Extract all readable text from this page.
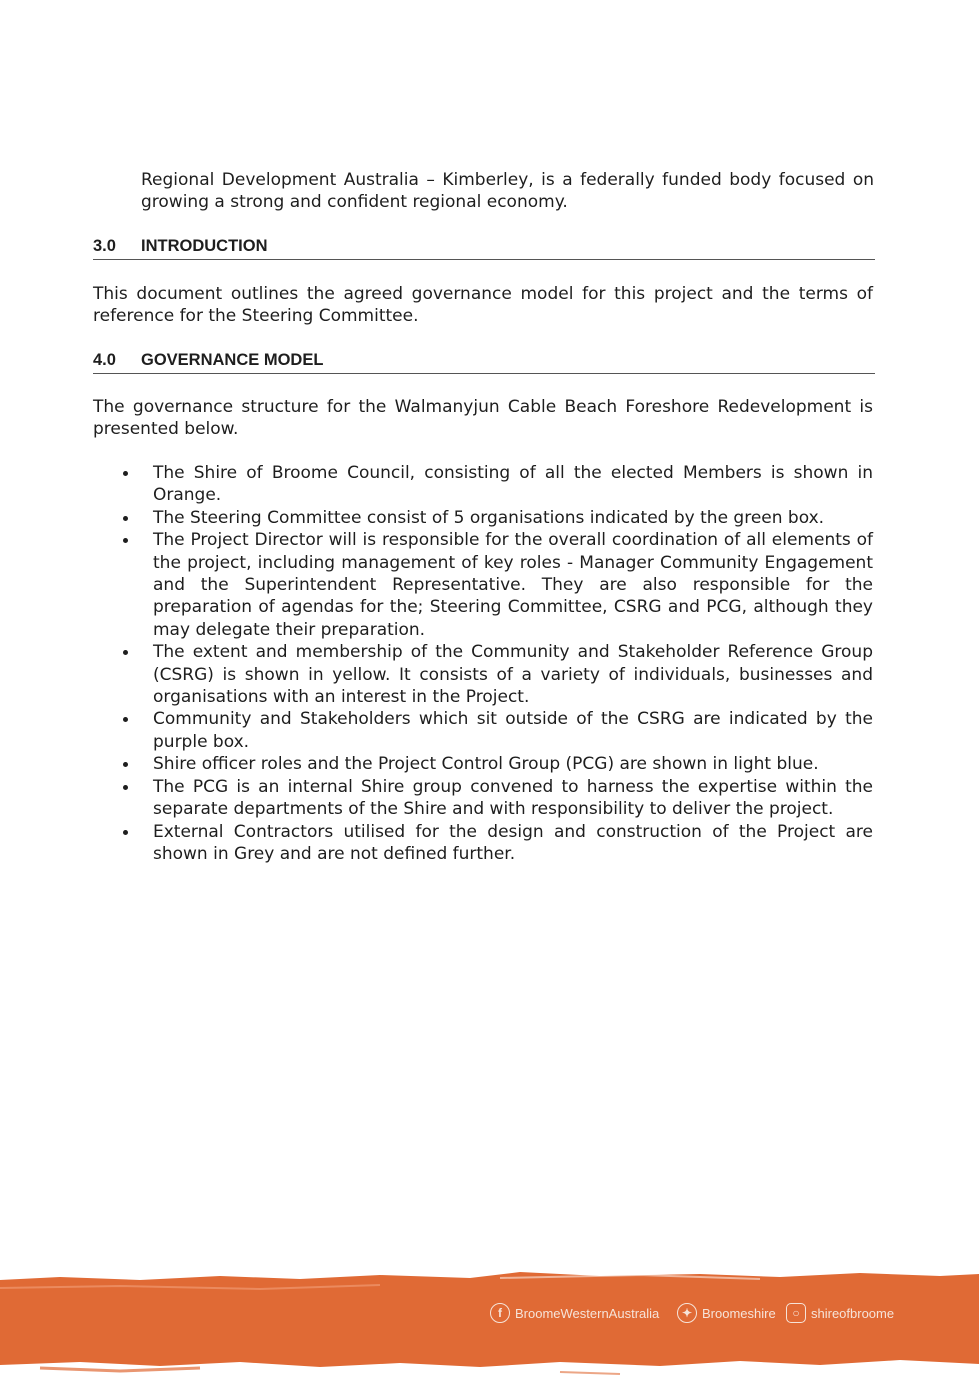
Regional Development Australia – Kimberley, is a federally funded body focused on growing a strong and confident regional economy.

3.0 INTRODUCTION

This document outlines the agreed governance model for this project and the terms of reference for the Steering Committee.

4.0 GOVERNANCE MODEL

The governance structure for the Walmanyjun Cable Beach Foreshore Redevelopment is presented below.

The Shire of Broome Council, consisting of all the elected Members is shown in Orange.
The Steering Committee consist of 5 organisations indicated by the green box.
The Project Director will is responsible for the overall coordination of all elements of the project, including management of key roles - Manager Community Engagement and the Superintendent Representative. They are also responsible for the preparation of agendas for the; Steering Committee, CSRG and PCG, although they may delegate their preparation.
The extent and membership of the Community and Stakeholder Reference Group (CSRG) is shown in yellow. It consists of a variety of individuals, businesses and organisations with an interest in the Project.
Community and Stakeholders which sit outside of the CSRG are indicated by the purple box.
Shire officer roles and the Project Control Group (PCG) are shown in light blue.
The PCG is an internal Shire group convened to harness the expertise within the separate departments of the Shire and with responsibility to deliver the project.
External Contractors utilised for the design and construction of the Project are shown in Grey and are not defined further.
f	BroomeWesternAustralia	✦ Broomeshire	○ shireofbroome
